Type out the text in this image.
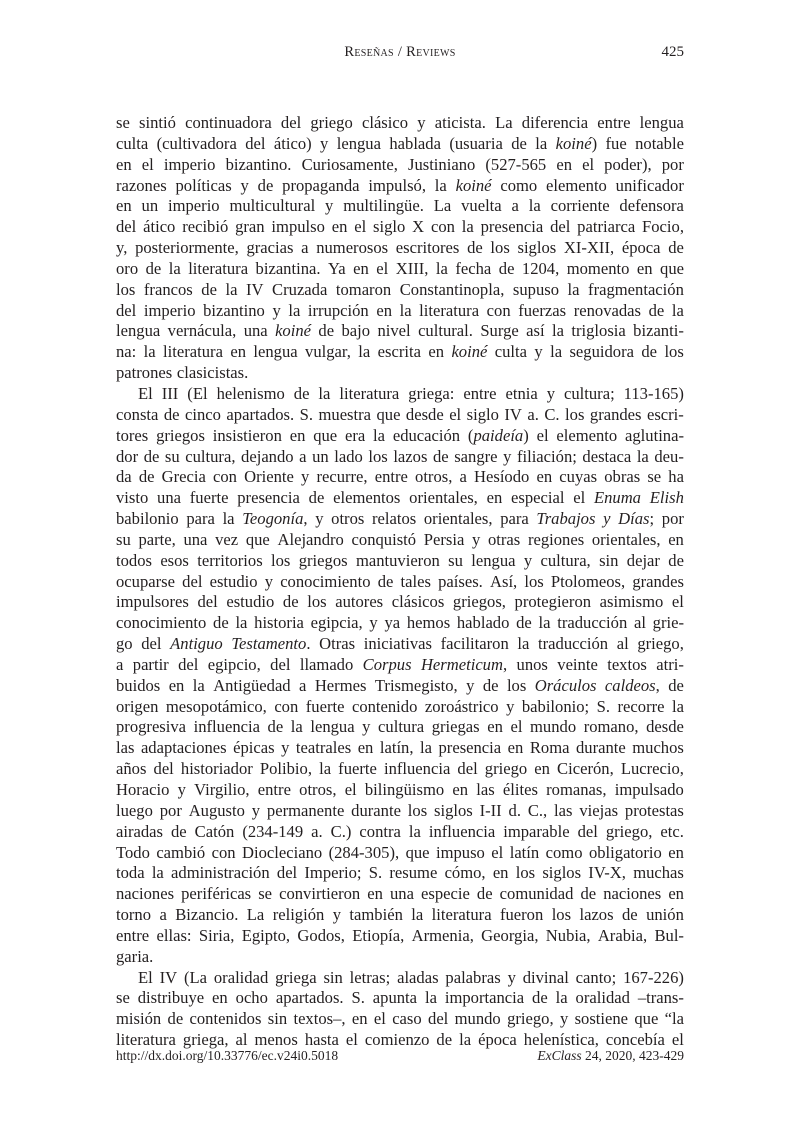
Reseñas / Reviews	425
se sintió continuadora del griego clásico y aticista. La diferencia entre lengua
culta (cultivadora del ático) y lengua hablada (usuaria de la koiné) fue notable
en el imperio bizantino. Curiosamente, Justiniano (527-565 en el poder), por
razones políticas y de propaganda impulsó, la koiné como elemento unificador
en un imperio multicultural y multilingüe. La vuelta a la corriente defensora
del ático recibió gran impulso en el siglo X con la presencia del patriarca Focio,
y, posteriormente, gracias a numerosos escritores de los siglos XI-XII, época de
oro de la literatura bizantina. Ya en el XIII, la fecha de 1204, momento en que
los francos de la IV Cruzada tomaron Constantinopla, supuso la fragmentación
del imperio bizantino y la irrupción en la literatura con fuerzas renovadas de la
lengua vernácula, una koiné de bajo nivel cultural. Surge así la triglosia bizanti-
na: la literatura en lengua vulgar, la escrita en koiné culta y la seguidora de los
patrones clasicistas.
El III (El helenismo de la literatura griega: entre etnia y cultura; 113-165)
consta de cinco apartados. S. muestra que desde el siglo IV a. C. los grandes escri-
tores griegos insistieron en que era la educación (paideía) el elemento aglutina-
dor de su cultura, dejando a un lado los lazos de sangre y filiación; destaca la deu-
da de Grecia con Oriente y recurre, entre otros, a Hesíodo en cuyas obras se ha
visto una fuerte presencia de elementos orientales, en especial el Enuma Elish
babilonio para la Teogonía, y otros relatos orientales, para Trabajos y Días; por
su parte, una vez que Alejandro conquistó Persia y otras regiones orientales, en
todos esos territorios los griegos mantuvieron su lengua y cultura, sin dejar de
ocuparse del estudio y conocimiento de tales países. Así, los Ptolomeos, grandes
impulsores del estudio de los autores clásicos griegos, protegieron asimismo el
conocimiento de la historia egipcia, y ya hemos hablado de la traducción al grie-
go del Antiguo Testamento. Otras iniciativas facilitaron la traducción al griego,
a partir del egipcio, del llamado Corpus Hermeticum, unos veinte textos atri-
buidos en la Antigüedad a Hermes Trismegisto, y de los Oráculos caldeos, de
origen mesopotámico, con fuerte contenido zoroástrico y babilonio; S. recorre la
progresiva influencia de la lengua y cultura griegas en el mundo romano, desde
las adaptaciones épicas y teatrales en latín, la presencia en Roma durante muchos
años del historiador Polibio, la fuerte influencia del griego en Cicerón, Lucrecio,
Horacio y Virgilio, entre otros, el bilingüismo en las élites romanas, impulsado
luego por Augusto y permanente durante los siglos I-II d. C., las viejas protestas
airadas de Catón (234-149 a. C.) contra la influencia imparable del griego, etc.
Todo cambió con Diocleciano (284-305), que impuso el latín como obligatorio en
toda la administración del Imperio; S. resume cómo, en los siglos IV-X, muchas
naciones periféricas se convirtieron en una especie de comunidad de naciones en
torno a Bizancio. La religión y también la literatura fueron los lazos de unión
entre ellas: Siria, Egipto, Godos, Etiopía, Armenia, Georgia, Nubia, Arabia, Bul-
garia.
El IV (La oralidad griega sin letras; aladas palabras y divinal canto; 167-226)
se distribuye en ocho apartados. S. apunta la importancia de la oralidad –trans-
misión de contenidos sin textos–, en el caso del mundo griego, y sostiene que “la
literatura griega, al menos hasta el comienzo de la época helenística, concebía el
http://dx.doi.org/10.33776/ec.v24i0.5018	ExClass 24, 2020, 423-429
